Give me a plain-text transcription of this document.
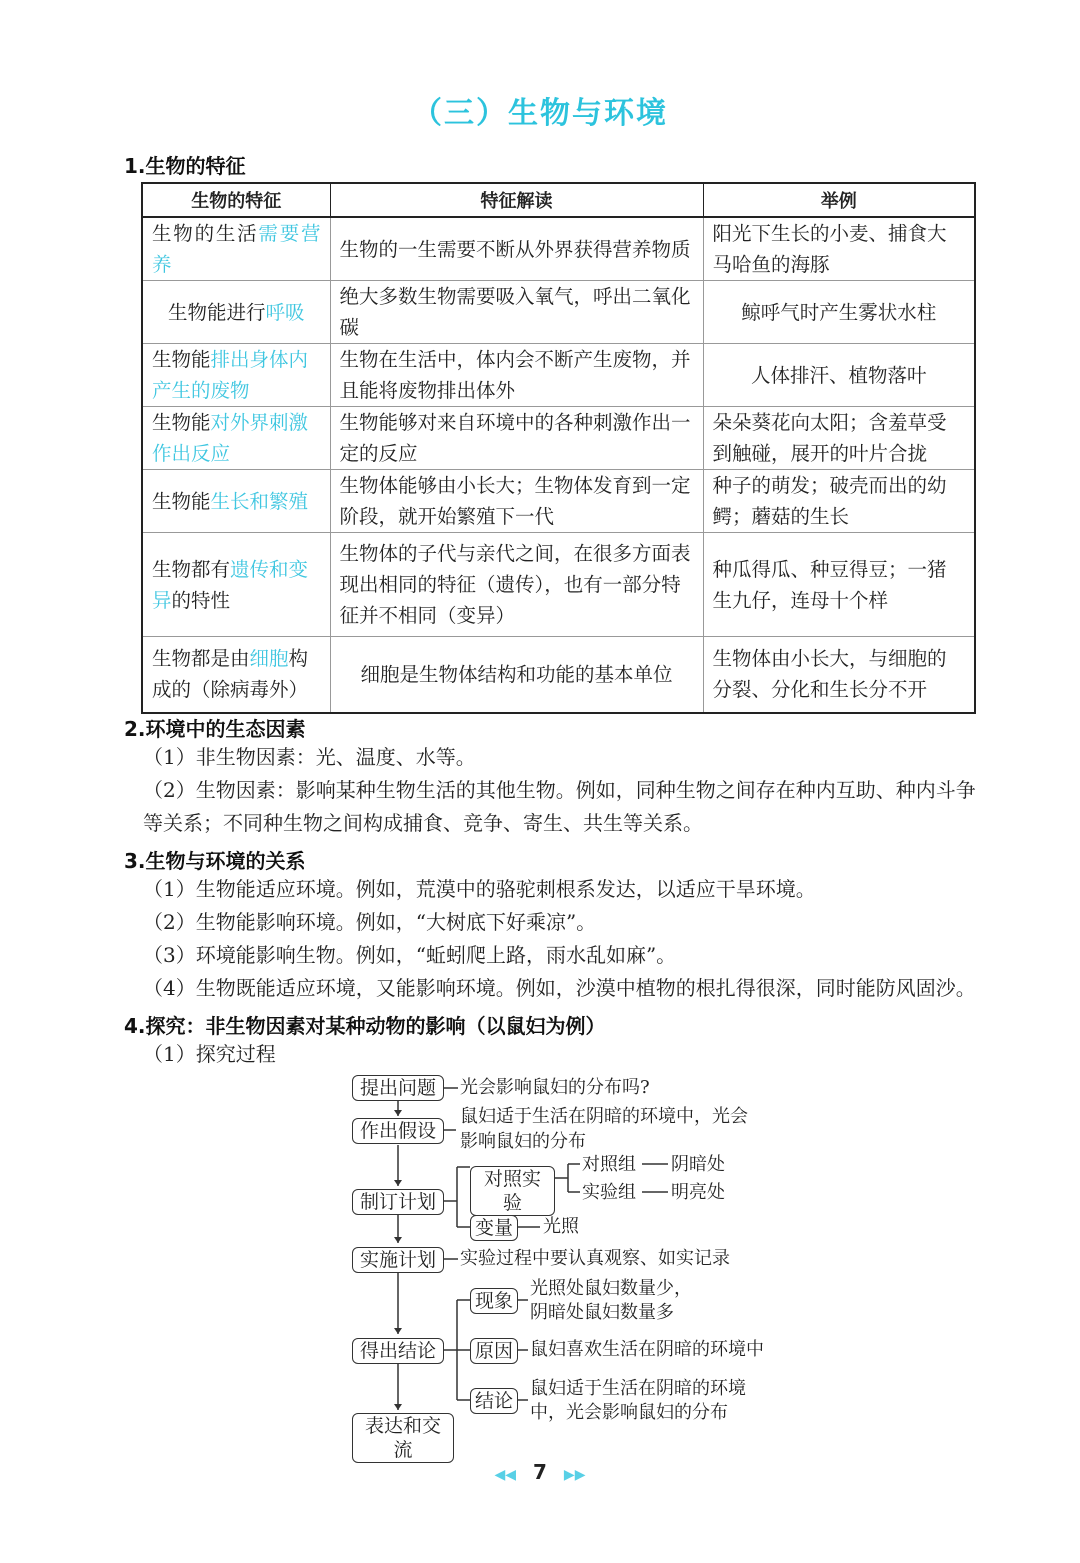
（三）生物与环境
1.生物的特征
生物的特征	特征解读	举例
生物的生活需要营养	生物的一生需要不断从外界获得营养物质	阳光下生长的小麦、捕食大马哈鱼的海豚
生物能进行呼吸	绝大多数生物需要吸入氧气，呼出二氧化碳	鲸呼气时产生雾状水柱
生物能排出身体内产生的废物	生物在生活中，体内会不断产生废物，并且能将废物排出体外	人体排汗、植物落叶
生物能对外界刺激作出反应	生物能够对来自环境中的各种刺激作出一定的反应	朵朵葵花向太阳；含羞草受到触碰，展开的叶片合拢
生物能生长和繁殖	生物体能够由小长大；生物体发育到一定阶段，就开始繁殖下一代	种子的萌发；破壳而出的幼鳄；蘑菇的生长
生物都有遗传和变异的特性	生物体的子代与亲代之间，在很多方面表现出相同的特征（遗传），也有一部分特征并不相同（变异）	种瓜得瓜、种豆得豆；一猪生九仔，连母十个样
生物都是由细胞构成的（除病毒外）	细胞是生物体结构和功能的基本单位	生物体由小长大，与细胞的分裂、分化和生长分不开
2.环境中的生态因素
（1）非生物因素：光、温度、水等。
（2）生物因素：影响某种生物生活的其他生物。例如，同种生物之间存在种内互助、种内斗争等关系；不同种生物之间构成捕食、竞争、寄生、共生等关系。
3.生物与环境的关系
（1）生物能适应环境。例如，荒漠中的骆驼刺根系发达，以适应干旱环境。
（2）生物能影响环境。例如，“大树底下好乘凉”。
（3）环境能影响生物。例如，“蚯蚓爬上路，雨水乱如麻”。
（4）生物既能适应环境，又能影响环境。例如，沙漠中植物的根扎得很深，同时能防风固沙。
4.探究：非生物因素对某种动物的影响（以鼠妇为例）
（1）探究过程
提出问题	光会影响鼠妇的分布吗?
作出假设
鼠妇适于生活在阴暗的环境中，光会
影响鼠妇的分布
制订计划
对照实验
对照组 阴暗处
实验组 明亮处
变量 光照
实施计划	实验过程中要认真观察、如实记录
得出结论
现象
光照处鼠妇数量少，
阴暗处鼠妇数量多
原因 鼠妇喜欢生活在阴暗的环境中
结论
鼠妇适于生活在阴暗的环境
中，光会影响鼠妇的分布
表达和交流
◀◀ 7 ▶▶
